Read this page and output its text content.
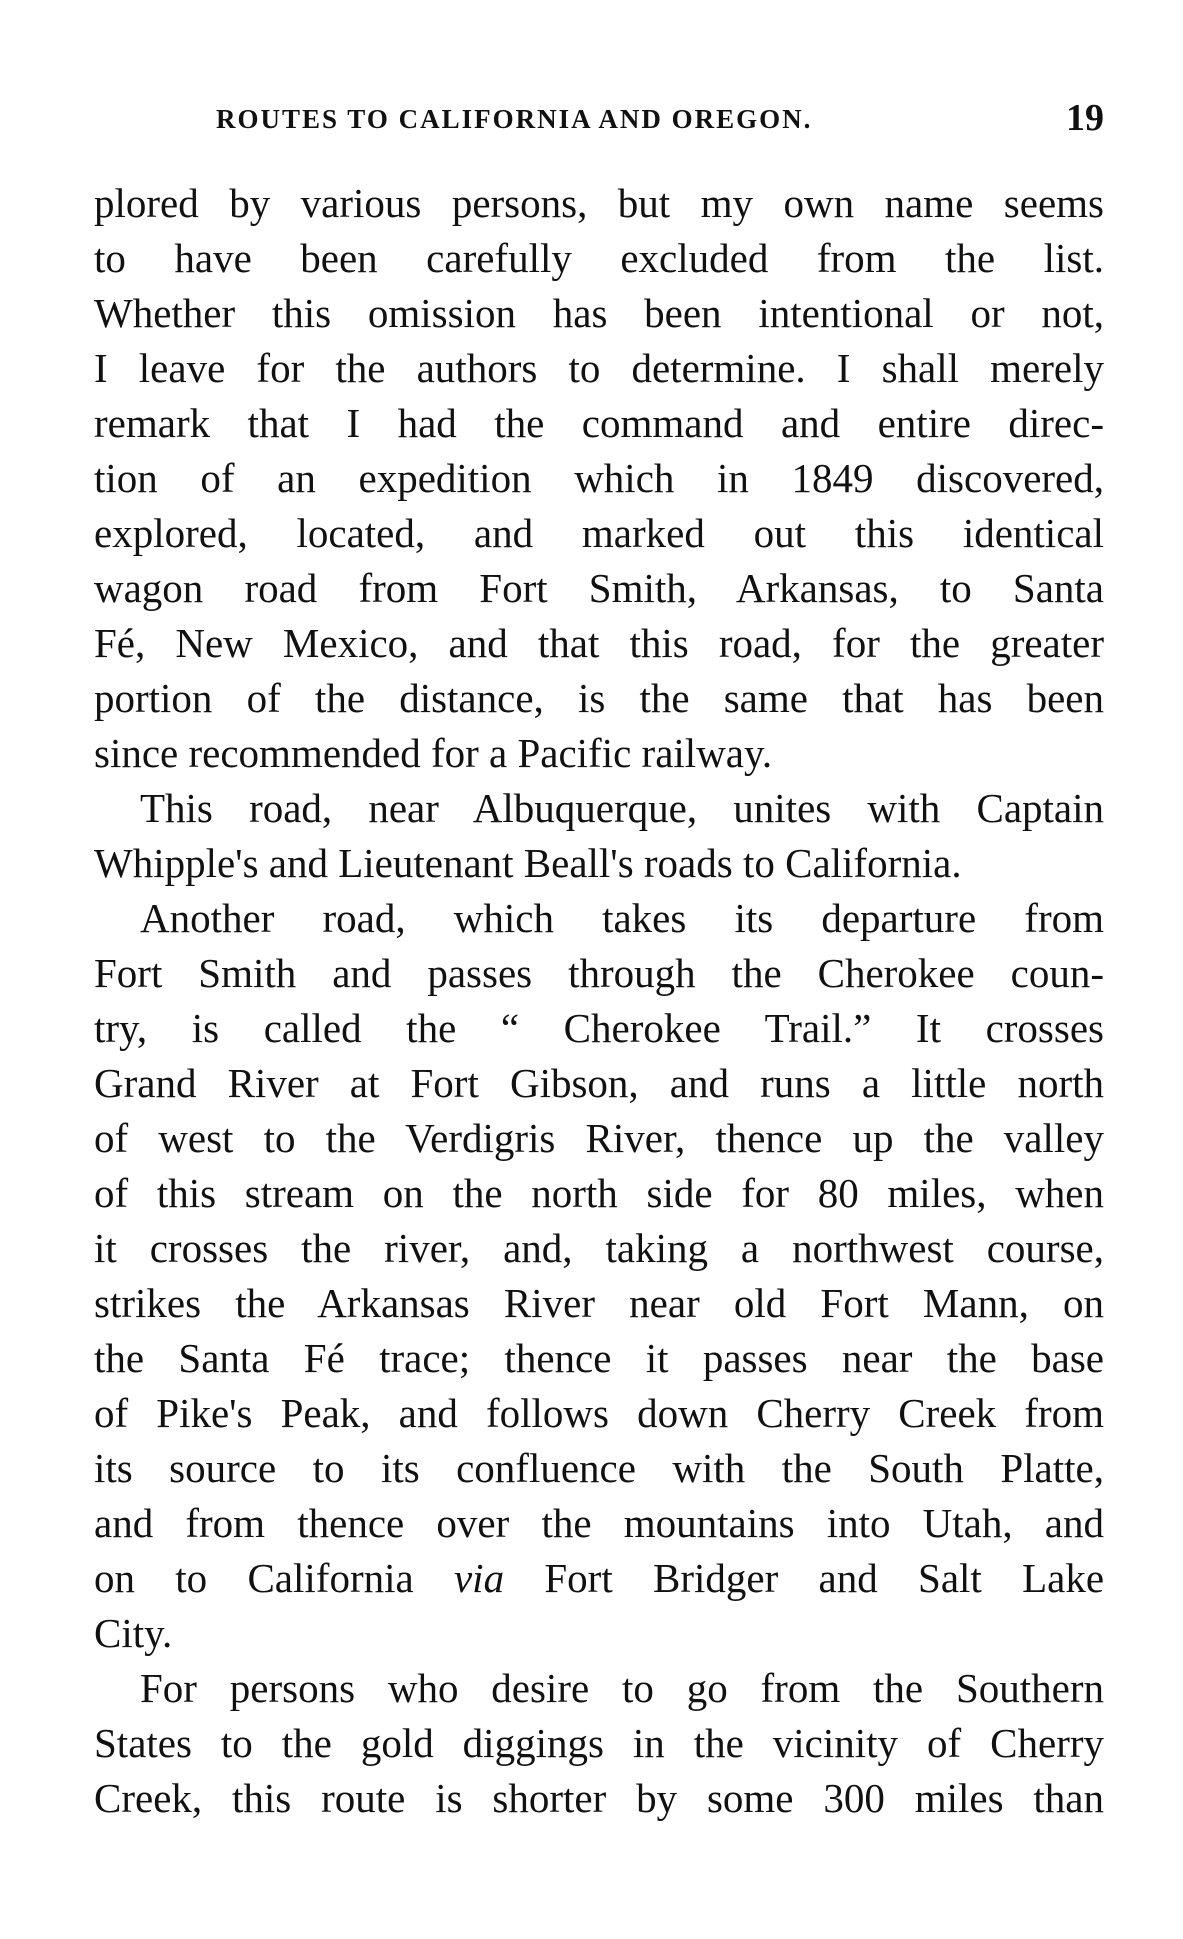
ROUTES TO CALIFORNIA AND OREGON.	19
plored by various persons, but my own name seems
to have been carefully excluded from the list.
Whether this omission has been intentional or not,
I leave for the authors to determine. I shall merely
remark that I had the command and entire direc-
tion of an expedition which in 1849 discovered,
explored, located, and marked out this identical
wagon road from Fort Smith, Arkansas, to Santa
Fé, New Mexico, and that this road, for the greater
portion of the distance, is the same that has been
since recommended for a Pacific railway.
This road, near Albuquerque, unites with Captain
Whipple's and Lieutenant Beall's roads to California.
Another road, which takes its departure from
Fort Smith and passes through the Cherokee coun-
try, is called the “ Cherokee Trail.” It crosses
Grand River at Fort Gibson, and runs a little north
of west to the Verdigris River, thence up the valley
of this stream on the north side for 80 miles, when
it crosses the river, and, taking a northwest course,
strikes the Arkansas River near old Fort Mann, on
the Santa Fé trace; thence it passes near the base
of Pike's Peak, and follows down Cherry Creek from
its source to its confluence with the South Platte,
and from thence over the mountains into Utah, and
on to California via Fort Bridger and Salt Lake
City.
For persons who desire to go from the Southern
States to the gold diggings in the vicinity of Cherry
Creek, this route is shorter by some 300 miles than
